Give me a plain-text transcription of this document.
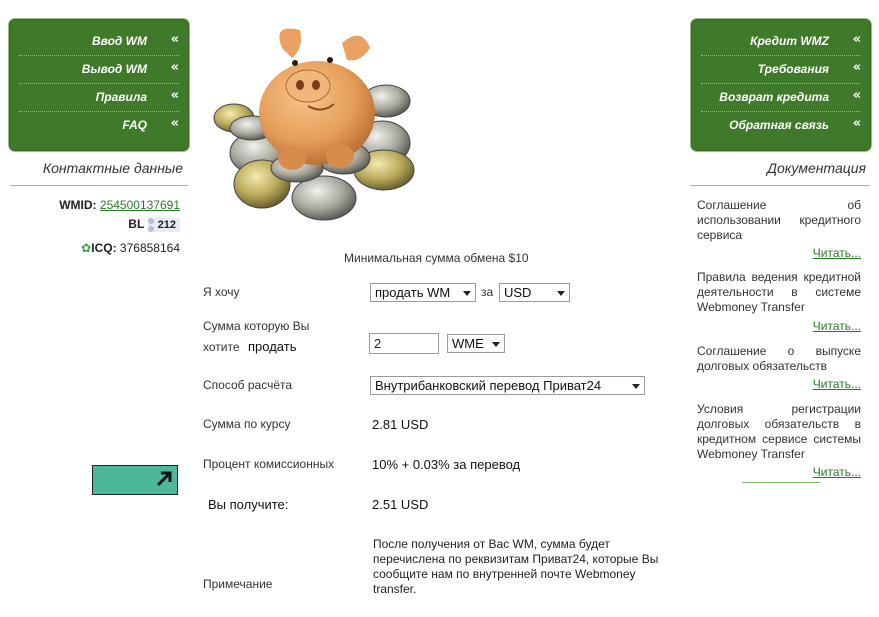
Ввод WM «
Вывод WM «
Правила «
FAQ «
Контактные данные
WMID: 254500137691
BL 212
✿ICQ: 376858164
Минимальная сумма обмена $10
Я хочу	продать WM	за USD
Сумма которую Вы
хотите продать	2	WME
Способ расчёта	Внутрибанковский перевод Приват24
Сумма по курсу	2.81 USD
Процент комиссионных	10% + 0.03% за перевод
Вы получите:	2.51 USD
Примечание
После получения от Вас WM, сумма будет перечислена по реквизитам Приват24, которые Вы сообщите нам по внутренней почте Webmoney transfer.
Кредит WMZ «
Требования «
Возврат кредита «
Обратная связь «
Документация
Соглашение об использовании кредитного сервиса
Читать...
Правила ведения кредитной деятельности в системе Webmoney Transfer
Читать...
Соглашение о выпуске долговых обязательств
Читать...
Условия регистрации долговых обязательств в кредитном сервисе системы Webmoney Transfer
Читать...
